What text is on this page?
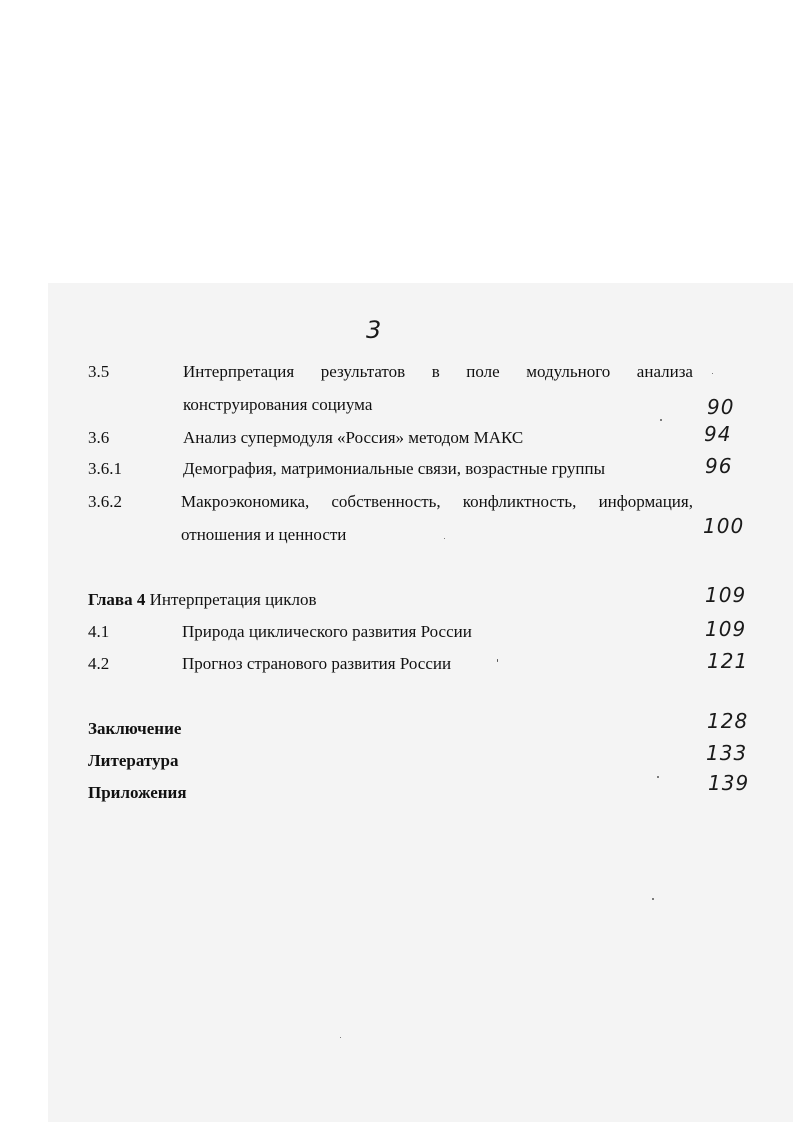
3
3.5	Интерпретация результатов в поле модульного анализа
конструирования социума	90
3.6	Анализ супермодуля «Россия» методом МАКС	94
3.6.1	Демография, матримониальные связи, возрастные группы	96
3.6.2	Макроэкономика, собственность, конфликтность, информация,
отношения и ценности	100
Глава 4 Интерпретация циклов	109
4.1	Природа циклического развития России	109
4.2	Прогноз странового развития России	121
Заключение	128
Литература	133
Приложения	139
